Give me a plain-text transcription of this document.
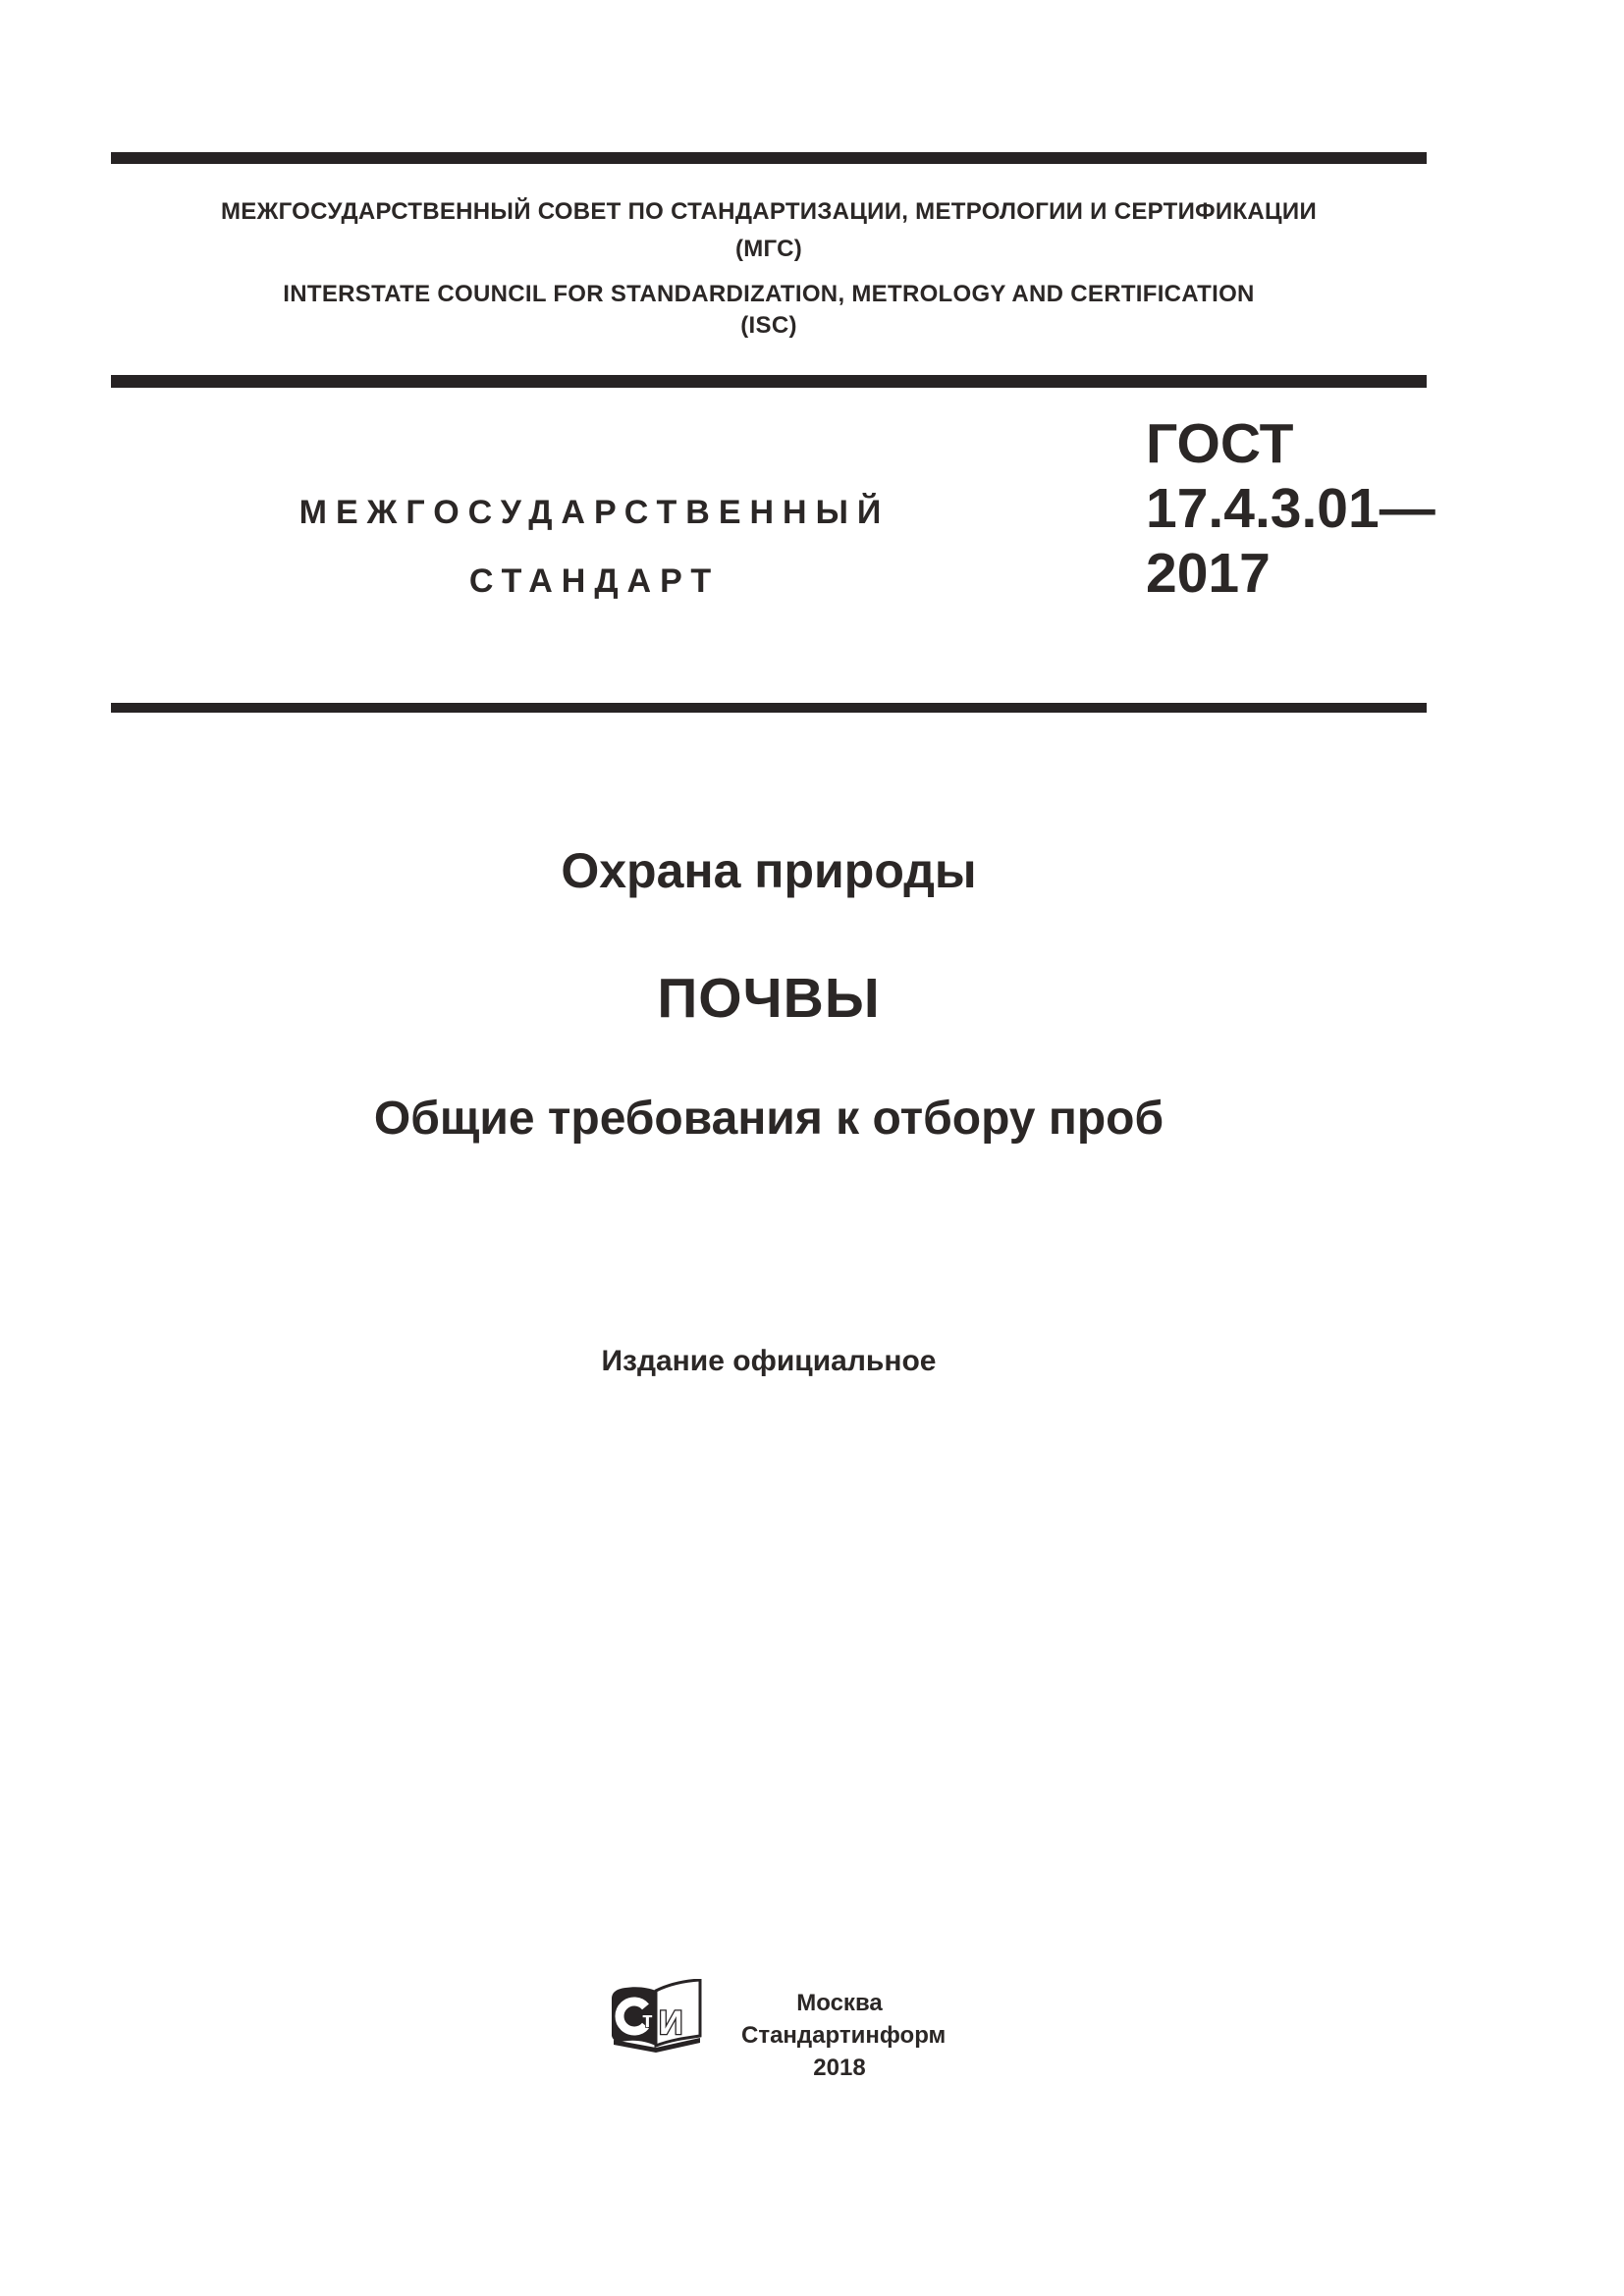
МЕЖГОСУДАРСТВЕННЫЙ СОВЕТ ПО СТАНДАРТИЗАЦИИ, МЕТРОЛОГИИ И СЕРТИФИКАЦИИ
(МГС)
INTERSTATE COUNCIL FOR STANDARDIZATION, METROLOGY AND CERTIFICATION
(ISC)
МЕЖГОСУДАРСТВЕННЫЙ
СТАНДАРТ
ГОСТ
17.4.3.01—
2017
Охрана природы
ПОЧВЫ
Общие требования к отбору проб
Издание официальное
т И
Москва
Стандартинформ
2018
